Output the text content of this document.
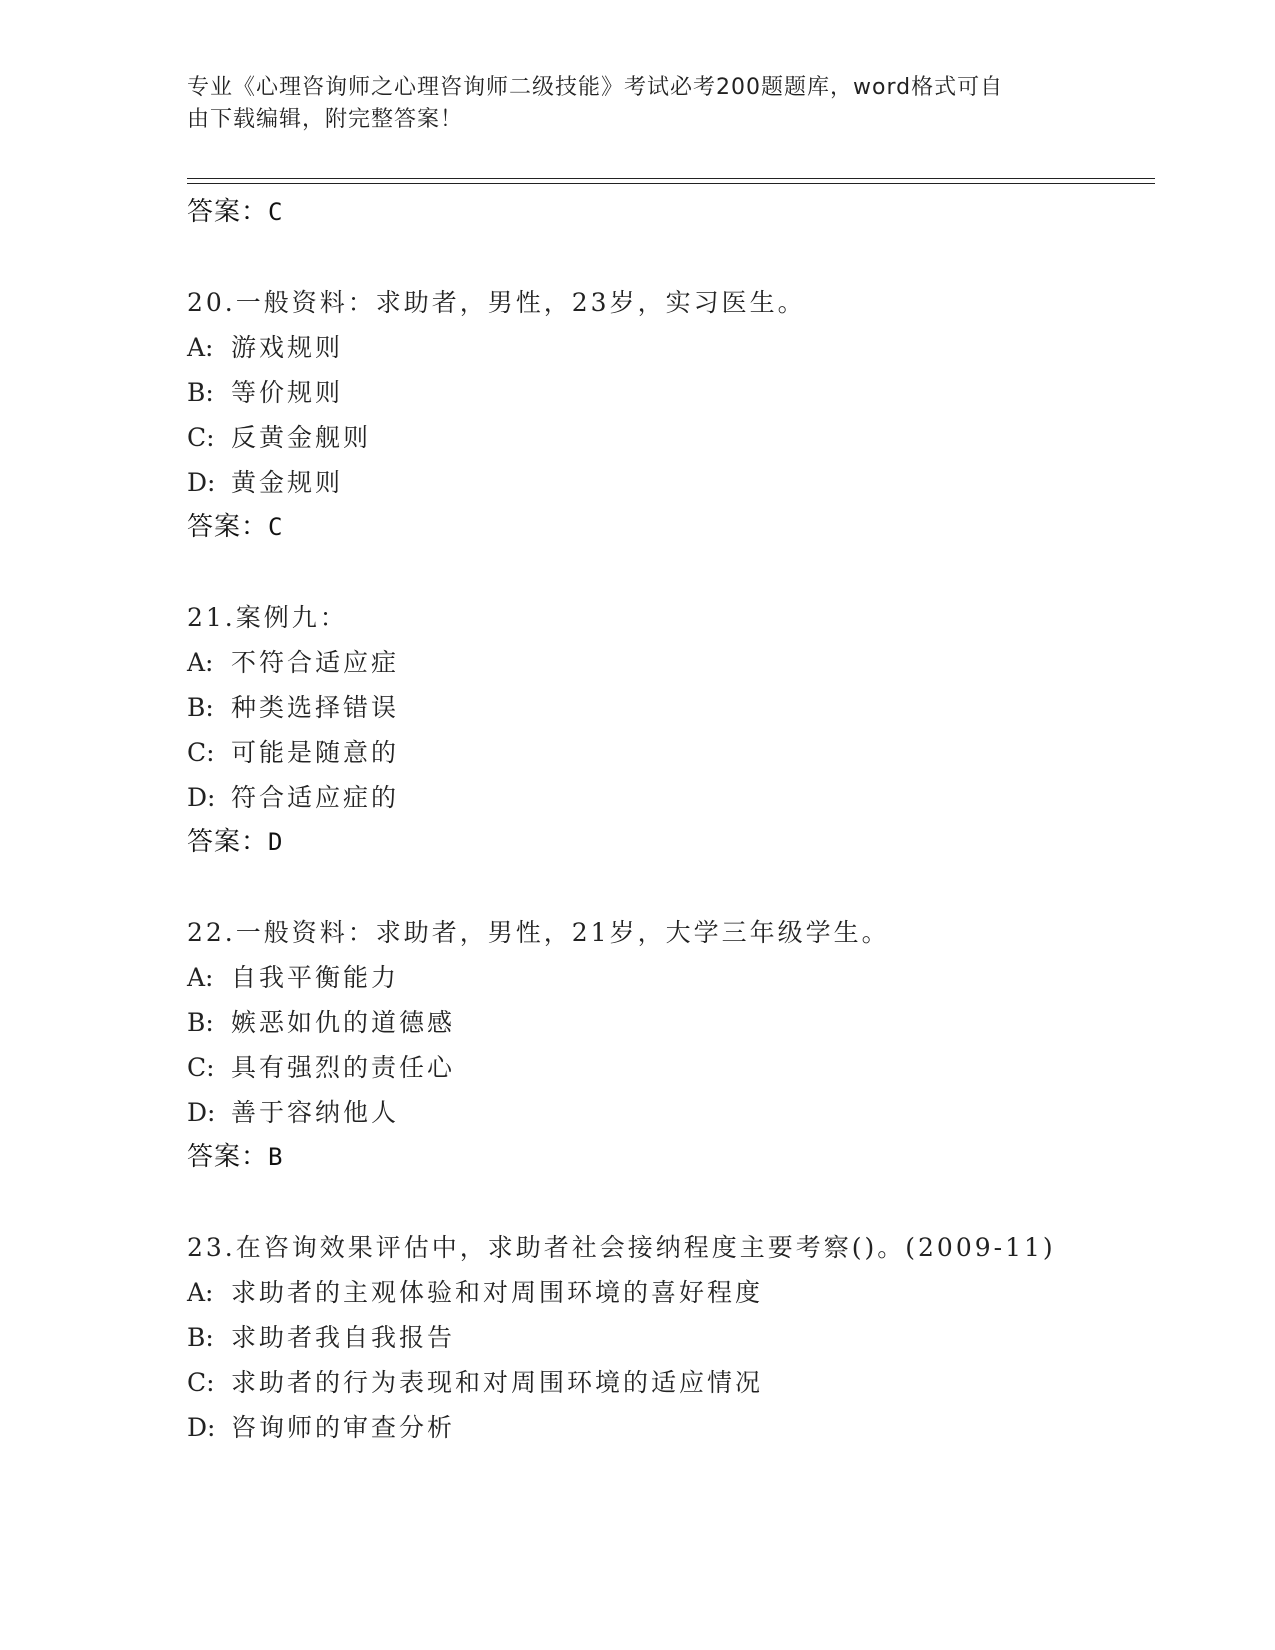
专业《心理咨询师之心理咨询师二级技能》考试必考200题题库，word格式可自
由下载编辑，附完整答案！
答案：C
20.一般资料：求助者，男性，23岁，实习医生。
A: 游戏规则
B: 等价规则
C: 反黄金舰则
D: 黄金规则
答案：C
21.案例九：
A: 不符合适应症
B: 种类选择错误
C: 可能是随意的
D: 符合适应症的
答案：D
22.一般资料：求助者，男性，21岁，大学三年级学生。
A: 自我平衡能力
B: 嫉恶如仇的道德感
C: 具有强烈的责任心
D: 善于容纳他人
答案：B
23.在咨询效果评估中，求助者社会接纳程度主要考察()。(2009-11)
A: 求助者的主观体验和对周围环境的喜好程度
B: 求助者我自我报告
C: 求助者的行为表现和对周围环境的适应情况
D: 咨询师的审查分析
